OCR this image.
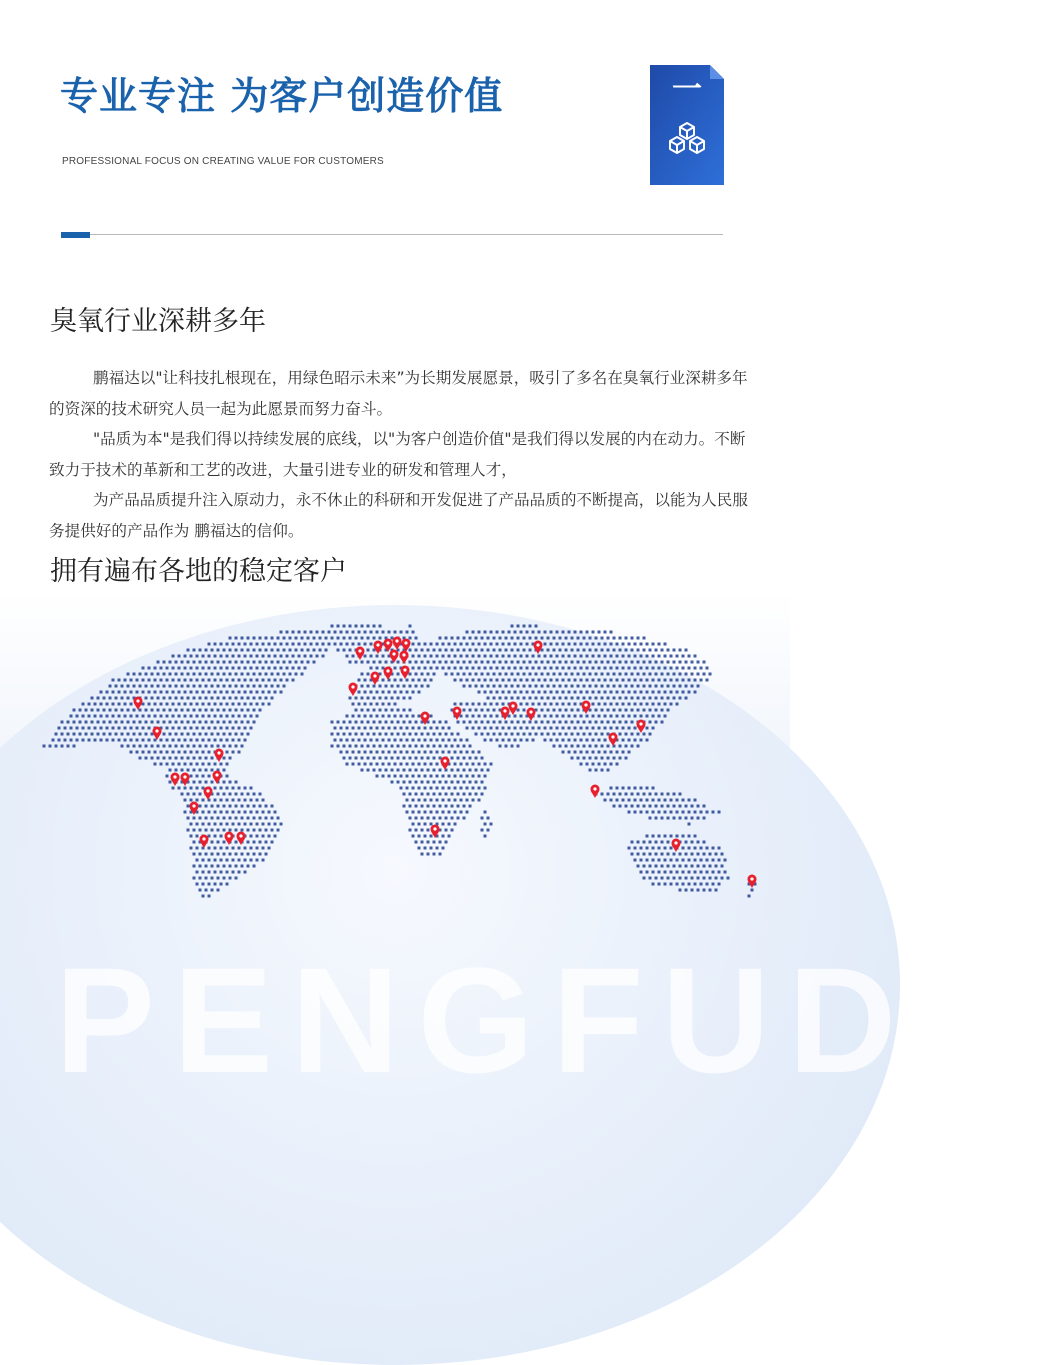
专业专注 为客户创造价值
PROFESSIONAL FOCUS ON CREATING VALUE FOR CUSTOMERS
一
臭氧行业深耕多年

鹏福达以"让科技扎根现在，用绿色昭示未来”为长期发展愿景，吸引了多名在臭氧行业深耕多年的资深的技术研究人员一起为此愿景而努力奋斗。

"品质为本"是我们得以持续发展的底线，以"为客户创造价值"是我们得以发展的内在动力。不断致力于技术的革新和工艺的改进，大量引进专业的研发和管理人才，

为产品品质提升注入原动力，永不休止的科研和开发促进了产品品质的不断提高，以能为人民服务提供好的产品作为 鹏福达的信仰。

拥有遍布各地的稳定客户
PENGFUDA
